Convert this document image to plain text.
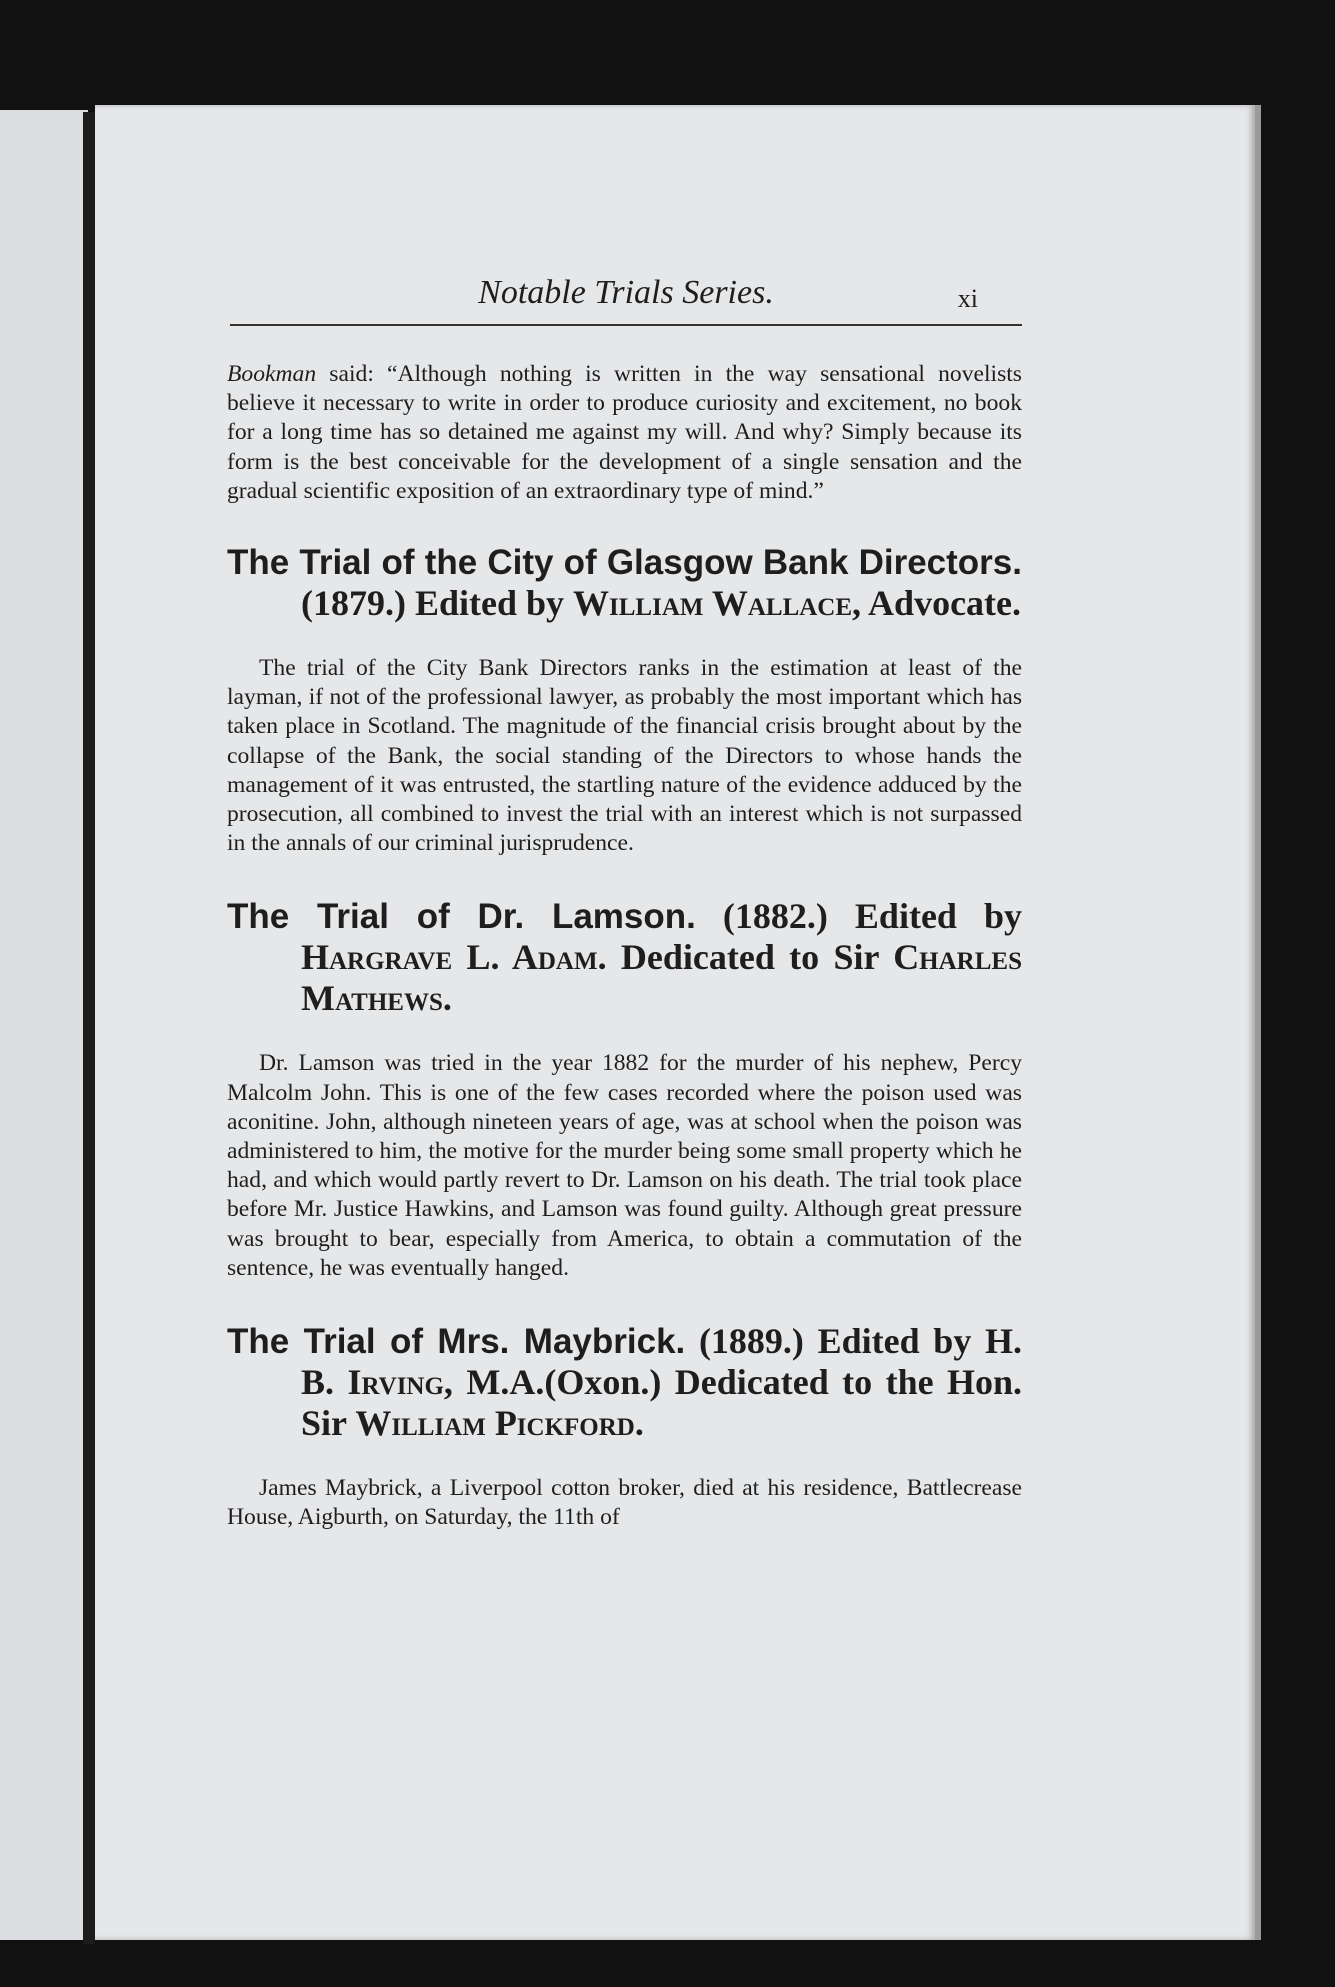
Notable Trials Series.	xi

Bookman said: “Although nothing is written in the way sensational novelists believe it necessary to write in order to produce curiosity and excitement, no book for a long time has so detained me against my will. And why? Simply because its form is the best conceivable for the development of a single sensation and the gradual scientific exposition of an extraordinary type of mind.”

The Trial of the City of Glasgow Bank Directors. (1879.) Edited by William Wallace, Advocate.

The trial of the City Bank Directors ranks in the estimation at least of the layman, if not of the professional lawyer, as probably the most important which has taken place in Scotland. The magnitude of the financial crisis brought about by the collapse of the Bank, the social standing of the Directors to whose hands the management of it was entrusted, the startling nature of the evidence adduced by the prosecution, all combined to invest the trial with an interest which is not surpassed in the annals of our criminal jurisprudence.

The Trial of Dr. Lamson. (1882.) Edited by Hargrave L. Adam. Dedicated to Sir Charles Mathews.

Dr. Lamson was tried in the year 1882 for the murder of his nephew, Percy Malcolm John. This is one of the few cases recorded where the poison used was aconitine. John, although nineteen years of age, was at school when the poison was administered to him, the motive for the murder being some small property which he had, and which would partly revert to Dr. Lamson on his death. The trial took place before Mr. Justice Hawkins, and Lamson was found guilty. Although great pressure was brought to bear, especially from America, to obtain a commutation of the sentence, he was eventually hanged.

The Trial of Mrs. Maybrick. (1889.) Edited by H. B. Irving, M.A.(Oxon.) Dedicated to the Hon. Sir William Pickford.

James Maybrick, a Liverpool cotton broker, died at his residence, Battlecrease House, Aigburth, on Saturday, the 11th of
